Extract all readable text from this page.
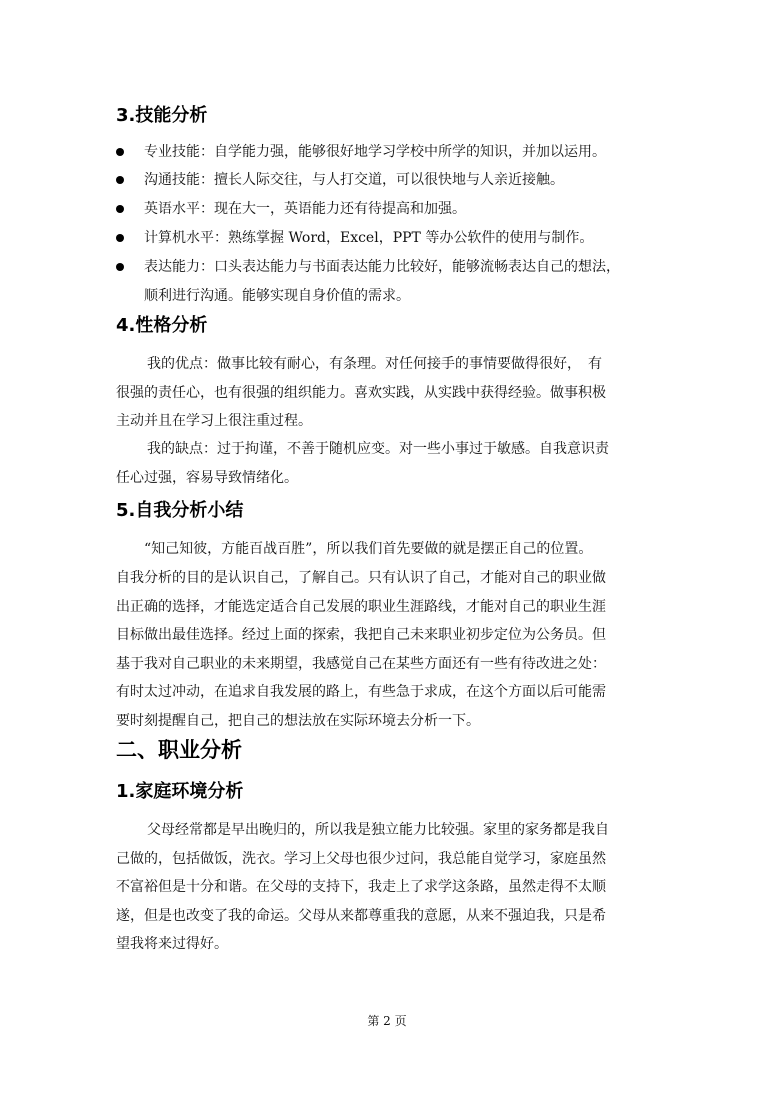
3.技能分析
专业技能：自学能力强，能够很好地学习学校中所学的知识，并加以运用。
沟通技能：擅长人际交往，与人打交道，可以很快地与人亲近接触。
英语水平：现在大一，英语能力还有待提高和加强。
计算机水平：熟练掌握 Word，Excel，PPT 等办公软件的使用与制作。
表达能力：口头表达能力与书面表达能力比较好，能够流畅表达自己的想法，
顺利进行沟通。能够实现自身价值的需求。
4.性格分析
我的优点：做事比较有耐心，有条理。对任何接手的事情要做得很好，　有
很强的责任心，也有很强的组织能力。喜欢实践，从实践中获得经验。做事积极
主动并且在学习上很注重过程。
我的缺点：过于拘谨，不善于随机应变。对一些小事过于敏感。自我意识责
任心过强，容易导致情绪化。
5.自我分析小结
“知己知彼，方能百战百胜”，所以我们首先要做的就是摆正自己的位置。
自我分析的目的是认识自己，了解自己。只有认识了自己，才能对自己的职业做
出正确的选择，才能选定适合自己发展的职业生涯路线，才能对自己的职业生涯
目标做出最佳选择。经过上面的探索，我把自己未来职业初步定位为公务员。但
基于我对自己职业的未来期望，我感觉自己在某些方面还有一些有待改进之处：
有时太过冲动，在追求自我发展的路上，有些急于求成，在这个方面以后可能需
要时刻提醒自己，把自己的想法放在实际环境去分析一下。
二、职业分析
1.家庭环境分析
父母经常都是早出晚归的，所以我是独立能力比较强。家里的家务都是我自
己做的，包括做饭，洗衣。学习上父母也很少过问，我总能自觉学习，家庭虽然
不富裕但是十分和谐。在父母的支持下，我走上了求学这条路，虽然走得不太顺
遂，但是也改变了我的命运。父母从来都尊重我的意愿，从来不强迫我，只是希
望我将来过得好。
第 2 页
